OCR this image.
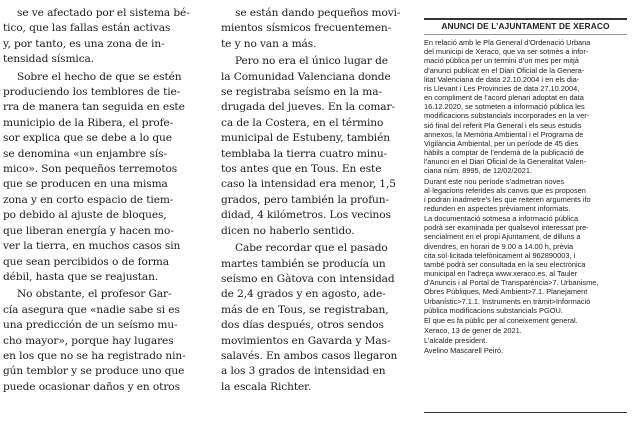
se ve afectado por el sistema bé-

tico, que las fallas están activas

y, por tanto, es una zona de in-

tensidad sísmica.

Sobre el hecho de que se estén

produciendo los temblores de tie-

rra de manera tan seguida en este

municipio de la Ribera, el profe-

sor explica que se debe a lo que

se denomina «un enjambre sís-

mico». Son pequeños terremotos

que se producen en una misma

zona y en corto espacio de tiem-

po debido al ajuste de bloques,

que liberan energía y hacen mo-

ver la tierra, en muchos casos sin

que sean percibidos o de forma

débil, hasta que se reajustan.

No obstante, el profesor Gar-

cía asegura que «nadie sabe si es

una predicción de un seísmo mu-

cho mayor», porque hay lugares

en los que no se ha registrado nin-

gún temblor y se produce uno que

puede ocasionar daños y en otros

se están dando pequeños movi-

mientos sísmicos frecuentemen-

te y no van a más.

Pero no era el único lugar de

la Comunidad Valenciana donde

se registraba seísmo en la ma-

drugada del jueves. En la comar-

ca de la Costera, en el término

municipal de Estubeny, también

temblaba la tierra cuatro minu-

tos antes que en Tous. En este

caso la intensidad era menor, 1,5

grados, pero también la profun-

didad, 4 kilómetros. Los vecinos

dicen no haberlo sentido.

Cabe recordar que el pasado

martes también se producía un

seísmo en Gàtova con intensidad

de 2,4 grados y en agosto, ade-

más de en Tous, se registraban,

dos días después, otros sendos

movimientos en Gavarda y Mas-

salavés. En ambos casos llegaron

a los 3 grados de intensidad en

la escala Richter.

ANUNCI DE L’AJUNTAMENT DE XERACO

En relació amb le Pla General d’Ordenació Urbana
del municipi de Xeraco, que va ser sotmès a infor-
mació pública per un termini d’un mes per mitjà
d’anunci publicat en el Diari Oficial de la Genera-
litat Valenciana de data 22.10.2004 i en els dia-
ris Llevant i Les Provincies de data 27.10.2004,
en compliment de l’acord plenari adoptat en data
16.12.2020, se sotmeten a informació pública les
modificacions substancials incorporades en la ver-
sió final del referit Pla General i els seus estudis
annexos, la Memòria Ambiental i el Programa de
Vigilància Ambiental, per un període de 45 dies
hàbils a comptar de l’endemà de la publicació de
l’anunci en el Diari Oficial de la Generalitat Valen-
ciana núm. 8995, de 12/02/2021.

Durant este nou període s’admetran noves
al·legacions referides als canvis que es proposen
i podran inadmetre’s les que reiteren arguments ifo
redunden en aspectes prèviament informats.

La documentació sotmesa a informació pública
podrà ser examinada per qualsevol interessat pre-
sencialment en el propi Ajuntament, de dilluns a
divendres, en horari de 9.00 a 14.00 h, prèvia
cita sol·licitada telefònicament al 962890003, i
també podrà ser consultada en la seu electrònica
municipal en l’adreça www.xeraco.es, al Tauler
d’Anuncis i al Portal de Transparència>7. Urbanisme,
Obres Públiques, Medi Ambient>7.1. Planejament
Urbanístic>7.1.1. Instruments en tràmit>Informació
pública modificacions substancials PGOU.

El que es fa públic per al coneixement general.

Xeraco, 13 de gener de 2021.

L’alcalde president.

Avelino Mascarell Peiró.
